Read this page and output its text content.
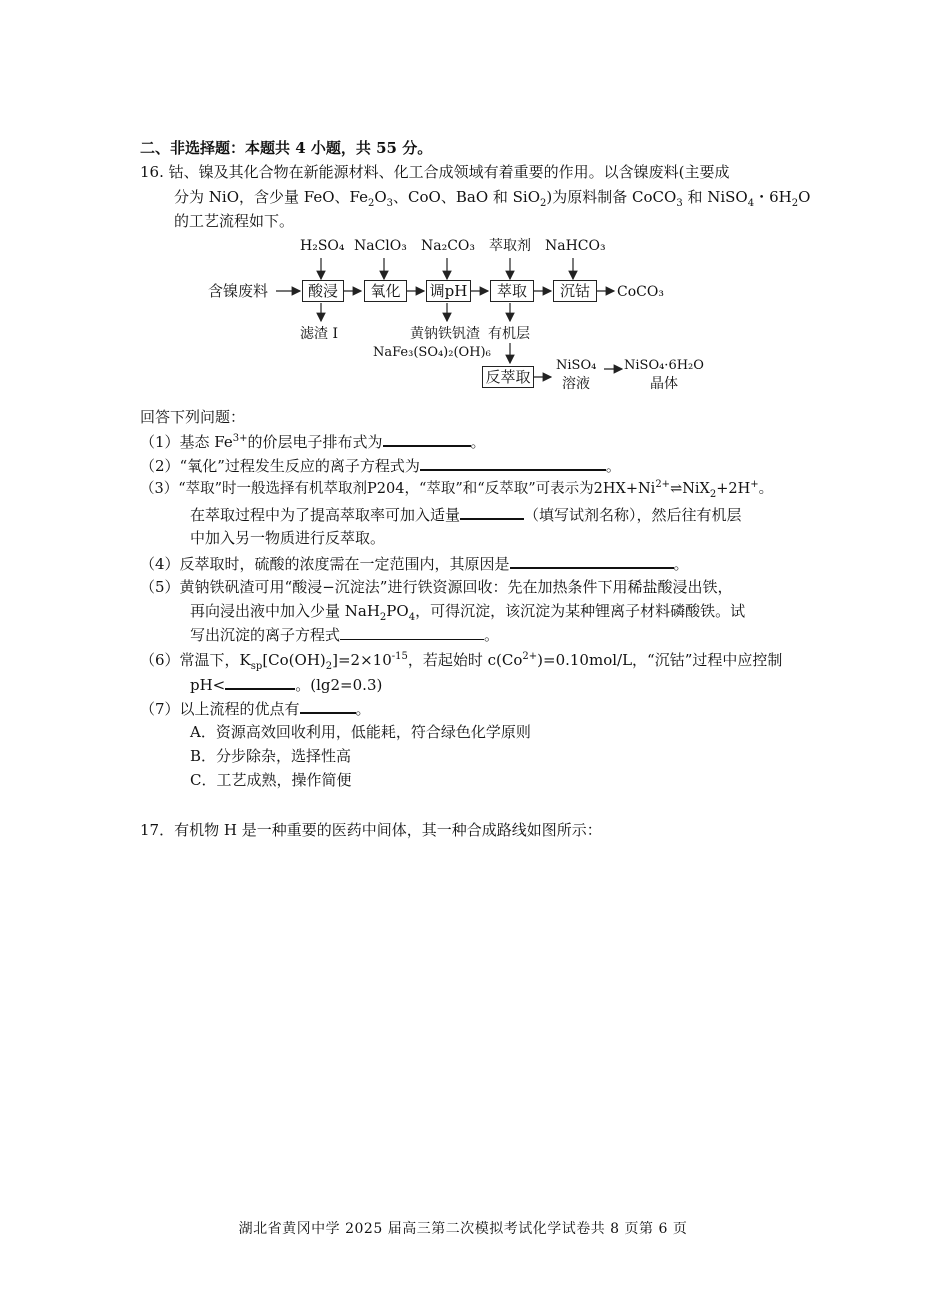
二、非选择题：本题共 4 小题，共 55 分。
16. 钴、镍及其化合物在新能源材料、化工合成领域有着重要的作用。以含镍废料(主要成
分为 NiO，含少量 FeO、$Fe_2O_3$、CoO、BaO 和 SiO$_2$)为原料制备 CoCO$_3$ 和 NiSO$_4$・$6H_2O$
的工艺流程如下。
含镍废料	酸浸	氧化	调pH	萃取	沉钴
H₂SO₄ NaClO₃ Na₂CO₃ 萃取剂 NaHCO₃
CoCO₃
滤渣 I	黄钠铁钒渣 有机层
NaFe₃(SO₄)₂(OH)₆
反萃取
NiSO₄
溶液
NiSO₄·6H₂O
晶体
回答下列问题：
（1）基态 $Fe^{3+}$的价层电子排布式为	。
（2）“氧化”过程发生反应的离子方程式为	。
（3）“萃取”时一般选择有机萃取剂P204，“萃取”和“反萃取”可表示为$2HX+Ni^{2+}\rightleftharpoons NiX_2+2H^+$。
在萃取过程中为了提高萃取率可加入适量	（填写试剂名称），然后往有机层
中加入另一物质进行反萃取。
（4）反萃取时，硫酸的浓度需在一定范围内，其原因是	。
（5）黄钠铁矾渣可用“酸浸−沉淀法”进行铁资源回收：先在加热条件下用稀盐酸浸出铁，
再向浸出液中加入少量 $NaH_2PO_4$，可得沉淀，该沉淀为某种锂离子材料磷酸铁。试
写出沉淀的离子方程式	。
（6）常温下，$K_{sp}[Co(OH)_2]=2\times 10^{-15}$，若起始时 $c(Co^{2+})=0.10mol/L$，“沉钴”过程中应控制
pH<	。(lg2=0.3)
（7）以上流程的优点有	。
A．资源高效回收利用，低能耗，符合绿色化学原则
B．分步除杂，选择性高
C．工艺成熟，操作简便
17．有机物 H 是一种重要的医药中间体，其一种合成路线如图所示：
湖北省黄冈中学 2025 届高三第二次模拟考试化学试卷共 8 页第 6 页
